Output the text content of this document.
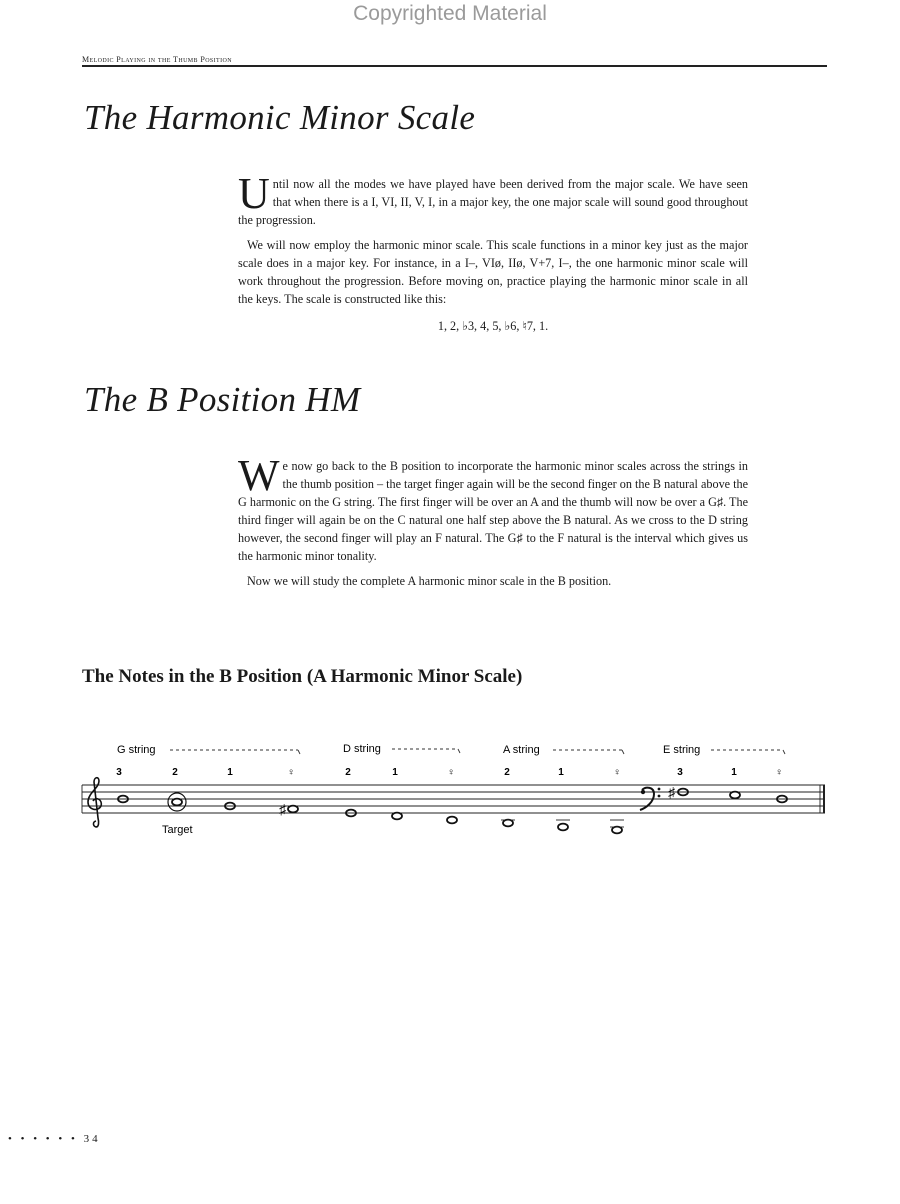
Copyrighted Material
Melodic Playing in the Thumb Position
The Harmonic Minor Scale

Until now all the modes we have played have been derived from the major scale. We have seen that when there is a I, VI, II, V, I, in a major key, the one major scale will sound good throughout the progression.

We will now employ the harmonic minor scale. This scale functions in a minor key just as the major scale does in a major key. For instance, in a I–, VIø, IIø, V+7, I–, the one harmonic minor scale will work throughout the progression. Before moving on, practice playing the harmonic minor scale in all the keys. The scale is constructed like this:

1, 2, ♭3, 4, 5, ♭6, ♮7, 1.
The B Position HM

We now go back to the B position to incorporate the harmonic minor scales across the strings in the thumb position – the target finger again will be the second finger on the B natural above the G harmonic on the G string. The first finger will be over an A and the thumb will now be over a G♯. The third finger will again be on the C natural one half step above the B natural. As we cross to the D string however, the second finger will play an F natural. The G♯ to the F natural is the interval which gives us the harmonic minor tonality.

Now we will study the complete A harmonic minor scale in the B position.

The Notes in the B Position (A Harmonic Minor Scale)
G string	D string	A string	E string
3	2	1	♀	2	1	♀	2	1	♀	3	1	♀
♯
♯
Target
• • • • • • 34
